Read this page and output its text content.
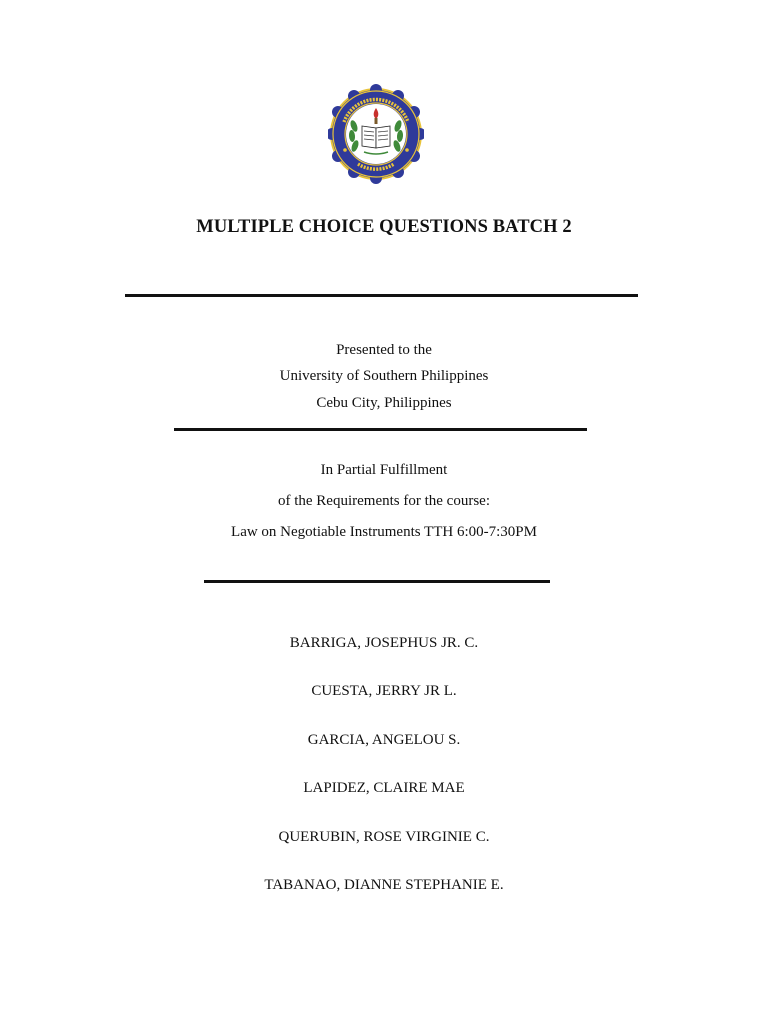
MULTIPLE CHOICE QUESTIONS BATCH 2
Presented to the
University of Southern Philippines
Cebu City, Philippines
In Partial Fulfillment
of the Requirements for the course:
Law on Negotiable Instruments TTH 6:00-7:30PM
BARRIGA, JOSEPHUS JR. C.
CUESTA, JERRY JR L.
GARCIA, ANGELOU S.
LAPIDEZ, CLAIRE MAE
QUERUBIN, ROSE VIRGINIE C.
TABANAO, DIANNE STEPHANIE E.
